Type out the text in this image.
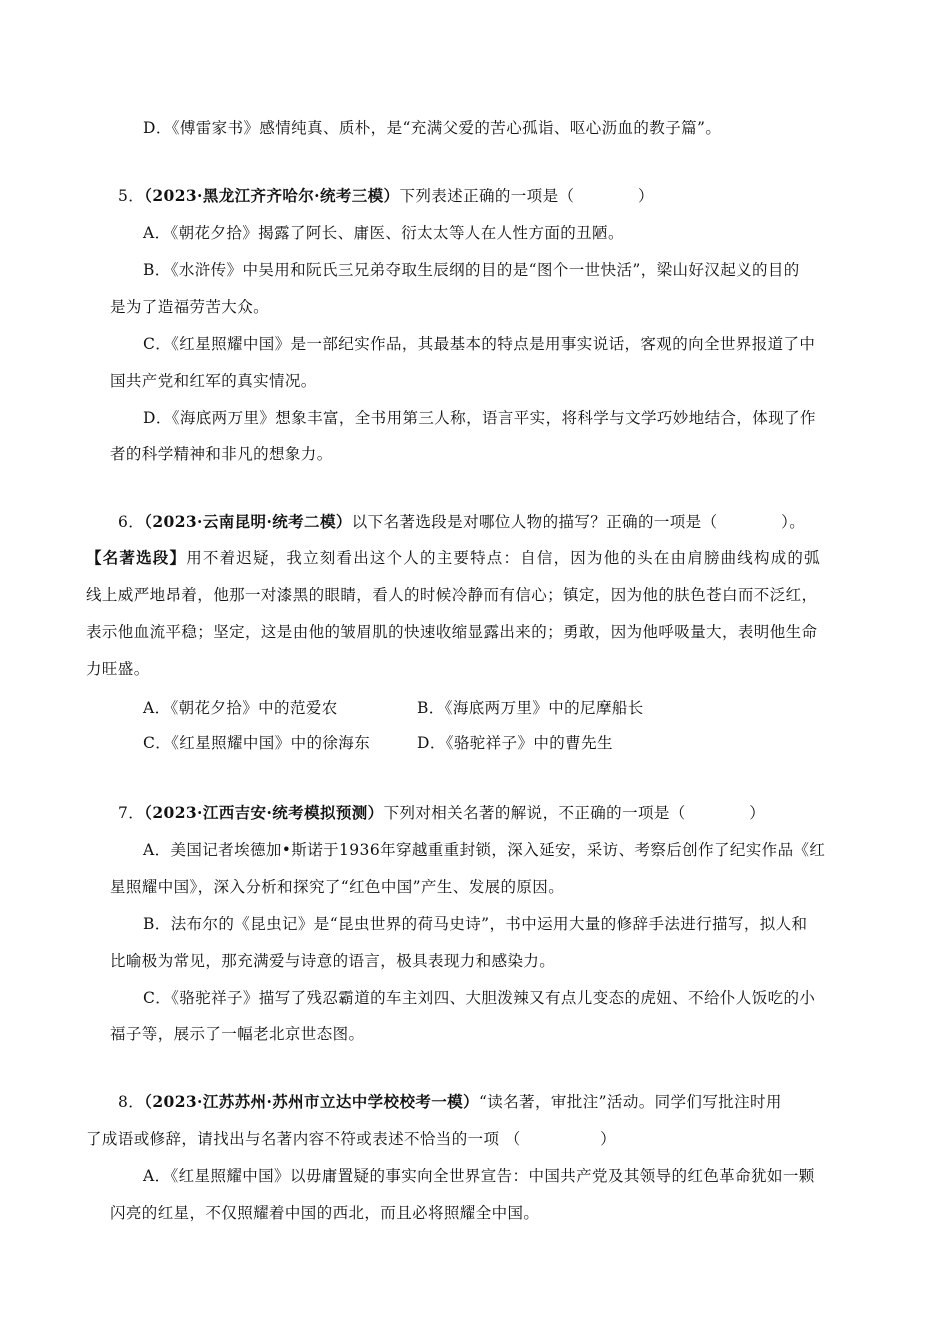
D．《傅雷家书》感情纯真、质朴，是“充满父爱的苦心孤诣、呕心沥血的教子篇”。
5．（2023·黑龙江齐齐哈尔·统考三模）下列表述正确的一项是（　　　　）
A．《朝花夕拾》揭露了阿长、庸医、衍太太等人在人性方面的丑陋。
B．《水浒传》中吴用和阮氏三兄弟夺取生辰纲的目的是“图个一世快活”，梁山好汉起义的目的
是为了造福劳苦大众。
C．《红星照耀中国》是一部纪实作品，其最基本的特点是用事实说话，客观的向全世界报道了中
国共产党和红军的真实情况。
D．《海底两万里》想象丰富，全书用第三人称，语言平实，将科学与文学巧妙地结合，体现了作
者的科学精神和非凡的想象力。
6．（2023·云南昆明·统考二模）以下名著选段是对哪位人物的描写？正确的一项是（　　　　）。
【名著选段】用不着迟疑，我立刻看出这个人的主要特点：自信，因为他的头在由肩膀曲线构成的弧
线上威严地昂着，他那一对漆黑的眼睛，看人的时候冷静而有信心；镇定，因为他的肤色苍白而不泛红，
表示他血流平稳；坚定，这是由他的皱眉肌的快速收缩显露出来的；勇敢，因为他呼吸量大，表明他生命
力旺盛。
A．《朝花夕拾》中的范爱农	B．《海底两万里》中的尼摩船长
C．《红星照耀中国》中的徐海东	D．《骆驼祥子》中的曹先生
7．（2023·江西吉安·统考模拟预测）下列对相关名著的解说，不正确的一项是（　　　　）
A．美国记者埃德加•斯诺于1936年穿越重重封锁，深入延安，采访、考察后创作了纪实作品《红
星照耀中国》，深入分析和探究了“红色中国”产生、发展的原因。
B．法布尔的《昆虫记》是“昆虫世界的荷马史诗”，书中运用大量的修辞手法进行描写，拟人和
比喻极为常见，那充满爱与诗意的语言，极具表现力和感染力。
C．《骆驼祥子》描写了残忍霸道的车主刘四、大胆泼辣又有点儿变态的虎妞、不给仆人饭吃的小
福子等，展示了一幅老北京世态图。
8．（2023·江苏苏州·苏州市立达中学校校考一模）“读名著，审批注”活动。同学们写批注时用
了成语或修辞，请找出与名著内容不符或表述不恰当的一项 （　　　　　）
A．《红星照耀中国》以毋庸置疑的事实向全世界宣告：中国共产党及其领导的红色革命犹如一颗
闪亮的红星，不仅照耀着中国的西北，而且必将照耀全中国。
